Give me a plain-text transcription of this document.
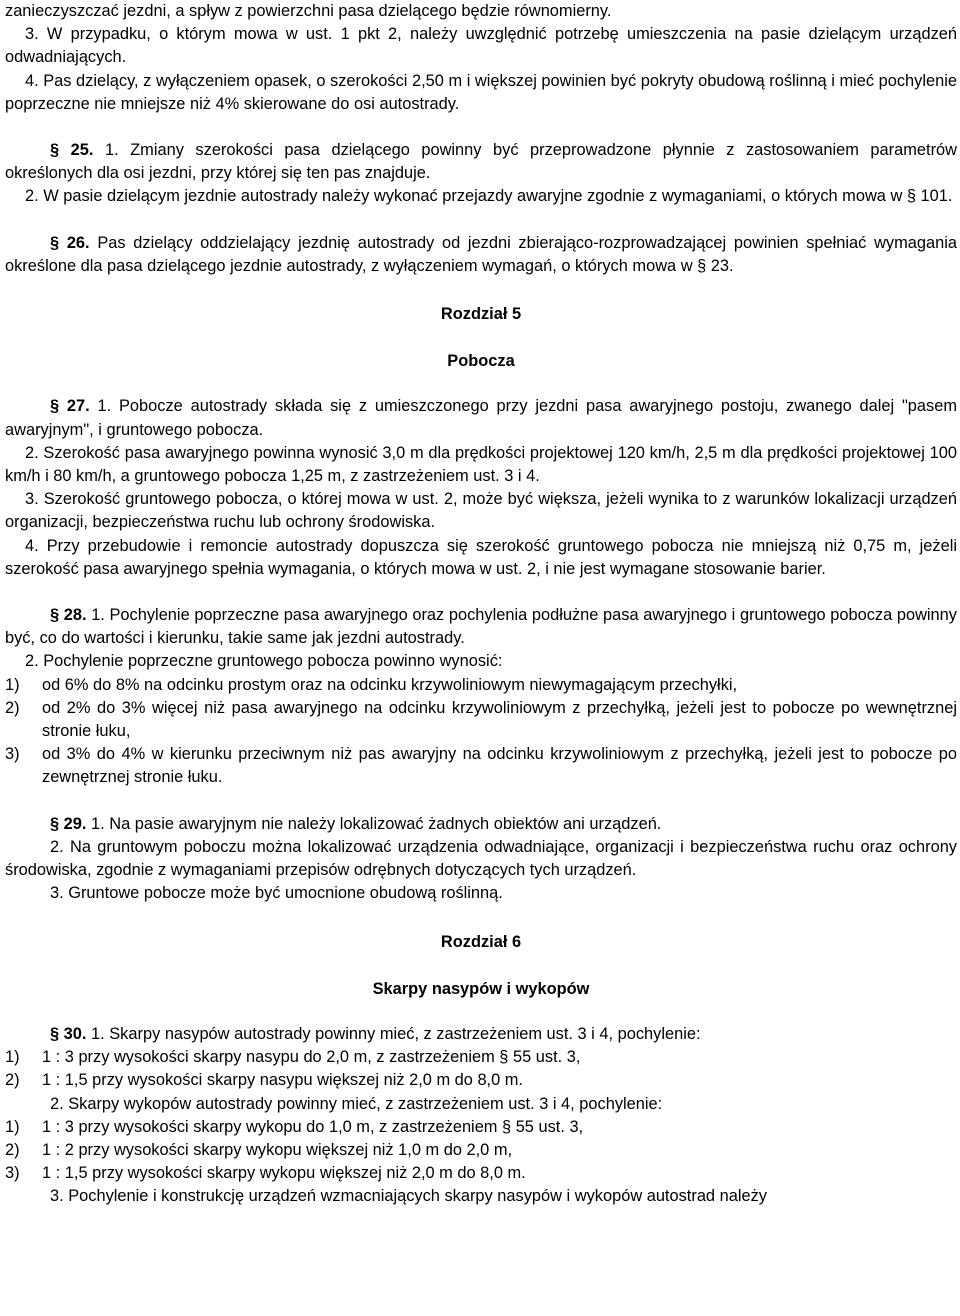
zanieczyszczać jezdni, a spływ z powierzchni pasa dzielącego będzie równomierny.

3. W przypadku, o którym mowa w ust. 1 pkt 2, należy uwzględnić potrzebę umieszczenia na pasie dzielącym urządzeń odwadniających.

4. Pas dzielący, z wyłączeniem opasek, o szerokości 2,50 m i większej powinien być pokryty obudową roślinną i mieć pochylenie poprzeczne nie mniejsze niż 4% skierowane do osi autostrady.

§ 25. 1. Zmiany szerokości pasa dzielącego powinny być przeprowadzone płynnie z zastosowaniem parametrów określonych dla osi jezdni, przy której się ten pas znajduje.

2. W pasie dzielącym jezdnie autostrady należy wykonać przejazdy awaryjne zgodnie z wymaganiami, o których mowa w § 101.

§ 26. Pas dzielący oddzielający jezdnię autostrady od jezdni zbierająco-rozprowadzającej powinien spełniać wymagania określone dla pasa dzielącego jezdnie autostrady, z wyłączeniem wymagań, o których mowa w § 23.

Rozdział 5

Pobocza

§ 27. 1. Pobocze autostrady składa się z umieszczonego przy jezdni pasa awaryjnego postoju, zwanego dalej "pasem awaryjnym", i gruntowego pobocza.

2. Szerokość pasa awaryjnego powinna wynosić 3,0 m dla prędkości projektowej 120 km/h, 2,5 m dla prędkości projektowej 100 km/h i 80 km/h, a gruntowego pobocza 1,25 m, z zastrzeżeniem ust. 3 i 4.

3. Szerokość gruntowego pobocza, o której mowa w ust. 2, może być większa, jeżeli wynika to z warunków lokalizacji urządzeń organizacji, bezpieczeństwa ruchu lub ochrony środowiska.

4. Przy przebudowie i remoncie autostrady dopuszcza się szerokość gruntowego pobocza nie mniejszą niż 0,75 m, jeżeli szerokość pasa awaryjnego spełnia wymagania, o których mowa w ust. 2, i nie jest wymagane stosowanie barier.

§ 28. 1. Pochylenie poprzeczne pasa awaryjnego oraz pochylenia podłużne pasa awaryjnego i gruntowego pobocza powinny być, co do wartości i kierunku, takie same jak jezdni autostrady.

2. Pochylenie poprzeczne gruntowego pobocza powinno wynosić:

1) od 6% do 8% na odcinku prostym oraz na odcinku krzywoliniowym niewymagającym przechyłki,
2) od 2% do 3% więcej niż pasa awaryjnego na odcinku krzywoliniowym z przechyłką, jeżeli jest to pobocze po wewnętrznej stronie łuku,
3) od 3% do 4% w kierunku przeciwnym niż pas awaryjny na odcinku krzywoliniowym z przechyłką, jeżeli jest to pobocze po zewnętrznej stronie łuku.

§ 29. 1. Na pasie awaryjnym nie należy lokalizować żadnych obiektów ani urządzeń.

2. Na gruntowym poboczu można lokalizować urządzenia odwadniające, organizacji i bezpieczeństwa ruchu oraz ochrony środowiska, zgodnie z wymaganiami przepisów odrębnych dotyczących tych urządzeń.

3. Gruntowe pobocze może być umocnione obudową roślinną.

Rozdział 6

Skarpy nasypów i wykopów

§ 30. 1. Skarpy nasypów autostrady powinny mieć, z zastrzeżeniem ust. 3 i 4, pochylenie:

1) 1 : 3 przy wysokości skarpy nasypu do 2,0 m, z zastrzeżeniem § 55 ust. 3,
2) 1 : 1,5 przy wysokości skarpy nasypu większej niż 2,0 m do 8,0 m.

2. Skarpy wykopów autostrady powinny mieć, z zastrzeżeniem ust. 3 i 4, pochylenie:

1) 1 : 3 przy wysokości skarpy wykopu do 1,0 m, z zastrzeżeniem § 55 ust. 3,
2) 1 : 2 przy wysokości skarpy wykopu większej niż 1,0 m do 2,0 m,
3) 1 : 1,5 przy wysokości skarpy wykopu większej niż 2,0 m do 8,0 m.

3. Pochylenie i konstrukcję urządzeń wzmacniających skarpy nasypów i wykopów autostrad należy
